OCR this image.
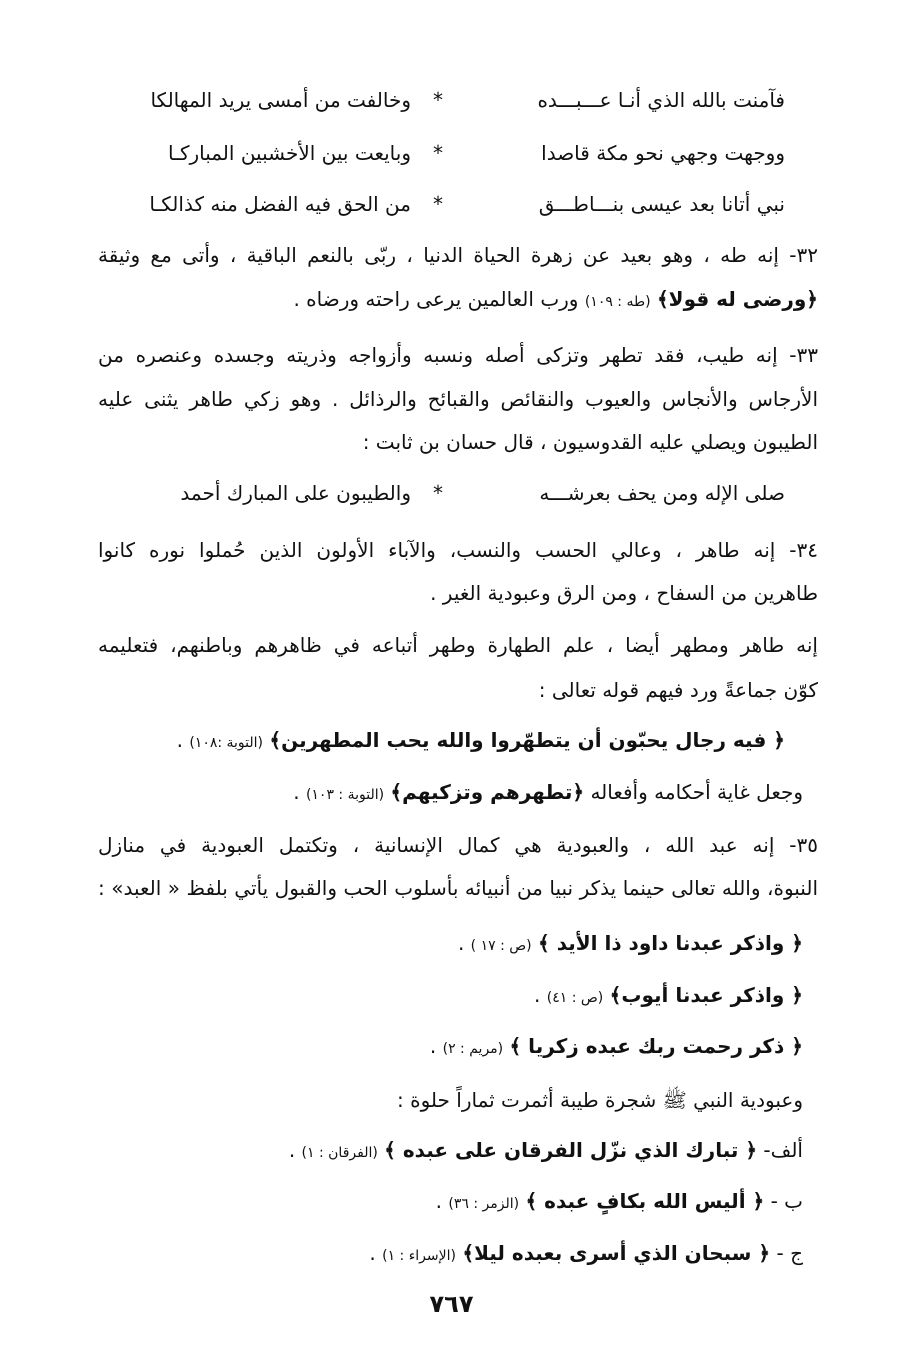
فآمنت بالله الذي أنـا عـــبـــده
*
وخالفت من أمسى يريد المهالكا
ووجهت وجهي نحو مكة قاصدا
*
وبايعت بين الأخشبين المباركـا
نبي أتانا بعد عيسى بنـــاطـــق
*
من الحق فيه الفضل منه كذالكـا
٣٢- إنه طه ، وهو بعيد عن زهرة الحياة الدنيا ، ربّى بالنعم الباقية ، وأتى مع وثيقة
﴿ورضى له قولا﴾ (طه : ١٠٩) ورب العالمين يرعى راحته ورضاه .
٣٣- إنه طيب، فقد تطهر وتزكى أصله ونسبه وأزواجه وذريته وجسده وعنصره من
الأرجاس والأنجاس والعيوب والنقائص والقبائح والرذائل . وهو زكي طاهر يثنى عليه
الطيبون ويصلي عليه القدوسيون ، قال حسان بن ثابت :
صلى الإله ومن يحف بعرشـــه
*
والطيبون على المبارك أحمد
٣٤- إنه طاهر ، وعالي الحسب والنسب، والآباء الأولون الذين حُملوا نوره كانوا
طاهرين من السفاح ، ومن الرق وعبودية الغير .
إنه طاهر ومطهر أيضا ، علم الطهارة وطهر أتباعه في ظاهرهم وباطنهم، فتعليمه
كوّن جماعةً ورد فيهم قوله تعالى :
﴿ فيه رجال يحبّون أن يتطهّروا والله يحب المطهرين﴾ (التوبة :١٠٨) .
وجعل غاية أحكامه وأفعاله ﴿تطهرهم وتزكيهم﴾ (التوبة : ١٠٣) .
٣٥- إنه عبد الله ، والعبودية هي كمال الإنسانية ، وتكتمل العبودية في منازل
النبوة، والله تعالى حينما يذكر نبيا من أنبيائه بأسلوب الحب والقبول يأتي بلفظ « العبد» :
﴿ واذكر عبدنا داود ذا الأيد ﴾ (ص : ١٧ ) .
﴿ واذكر عبدنا أيوب﴾ (ص : ٤١) .
﴿ ذكر رحمت ربك عبده زكريا ﴾ (مريم : ٢) .
وعبودية النبي ﷺ شجرة طيبة أثمرت ثماراً حلوة :
ألف- ﴿ تبارك الذي نزّل الفرقان على عبده ﴾ (الفرقان : ١) .
ب - ﴿ أليس الله بكافٍ عبده ﴾ (الزمر : ٣٦) .
ج - ﴿ سبحان الذي أسرى بعبده ليلا﴾ (الإسراء : ١) .
٧٦٧
